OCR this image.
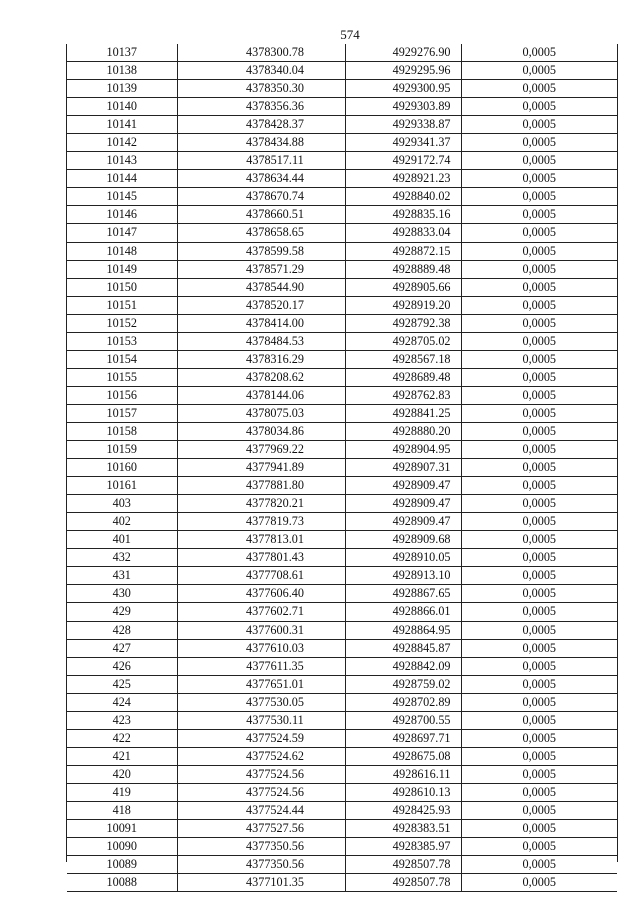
574
10137	4378300.78	4929276.90	0,0005
10138	4378340.04	4929295.96	0,0005
10139	4378350.30	4929300.95	0,0005
10140	4378356.36	4929303.89	0,0005
10141	4378428.37	4929338.87	0,0005
10142	4378434.88	4929341.37	0,0005
10143	4378517.11	4929172.74	0,0005
10144	4378634.44	4928921.23	0,0005
10145	4378670.74	4928840.02	0,0005
10146	4378660.51	4928835.16	0,0005
10147	4378658.65	4928833.04	0,0005
10148	4378599.58	4928872.15	0,0005
10149	4378571.29	4928889.48	0,0005
10150	4378544.90	4928905.66	0,0005
10151	4378520.17	4928919.20	0,0005
10152	4378414.00	4928792.38	0,0005
10153	4378484.53	4928705.02	0,0005
10154	4378316.29	4928567.18	0,0005
10155	4378208.62	4928689.48	0,0005
10156	4378144.06	4928762.83	0,0005
10157	4378075.03	4928841.25	0,0005
10158	4378034.86	4928880.20	0,0005
10159	4377969.22	4928904.95	0,0005
10160	4377941.89	4928907.31	0,0005
10161	4377881.80	4928909.47	0,0005
403	4377820.21	4928909.47	0,0005
402	4377819.73	4928909.47	0,0005
401	4377813.01	4928909.68	0,0005
432	4377801.43	4928910.05	0,0005
431	4377708.61	4928913.10	0,0005
430	4377606.40	4928867.65	0,0005
429	4377602.71	4928866.01	0,0005
428	4377600.31	4928864.95	0,0005
427	4377610.03	4928845.87	0,0005
426	4377611.35	4928842.09	0,0005
425	4377651.01	4928759.02	0,0005
424	4377530.05	4928702.89	0,0005
423	4377530.11	4928700.55	0,0005
422	4377524.59	4928697.71	0,0005
421	4377524.62	4928675.08	0,0005
420	4377524.56	4928616.11	0,0005
419	4377524.56	4928610.13	0,0005
418	4377524.44	4928425.93	0,0005
10091	4377527.56	4928383.51	0,0005
10090	4377350.56	4928385.97	0,0005
10089	4377350.56	4928507.78	0,0005
10088	4377101.35	4928507.78	0,0005
